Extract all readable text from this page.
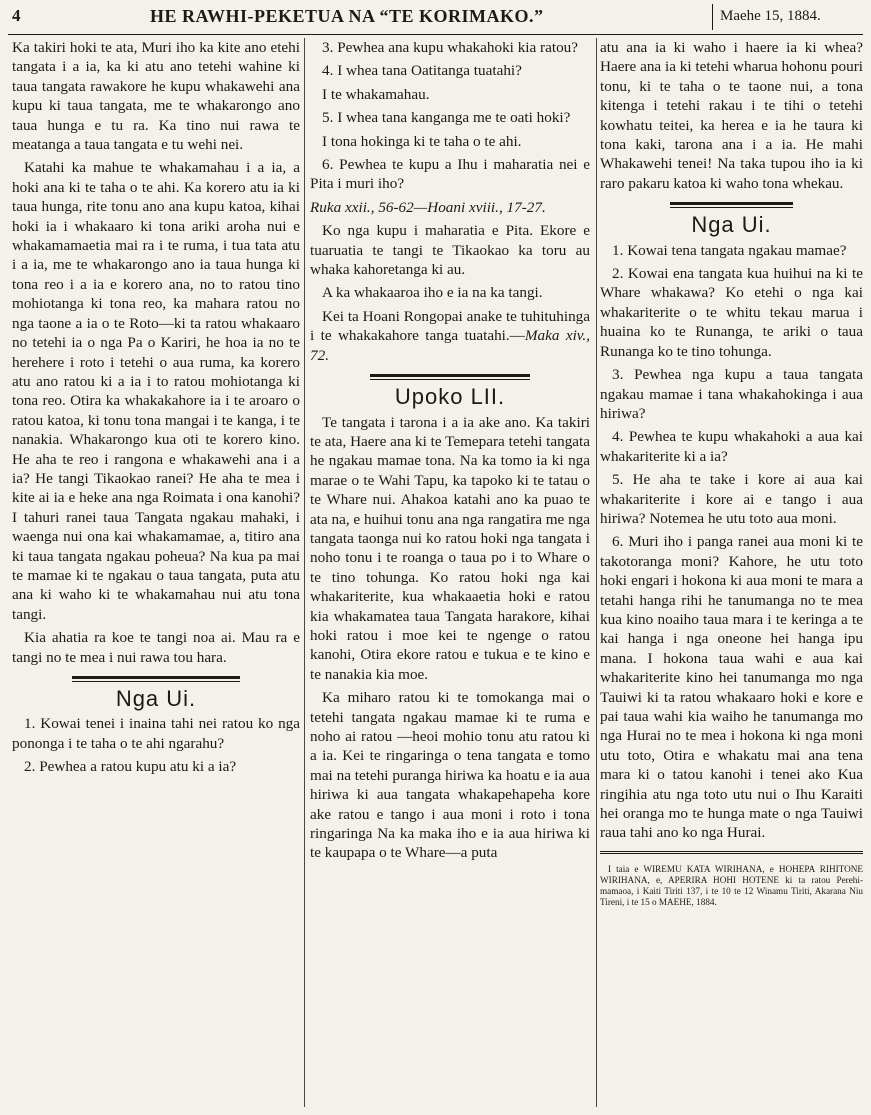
4	HE RAWHI-PEKETUA NA “TE KORIMAKO.”	Maehe 15, 1884.

Ka takiri hoki te ata, Muri iho ka kite ano etehi tangata i a ia, ka ki atu ano tetehi wahine ki taua tangata rawakore he kupu whakawehi ana kupu ki taua tangata, me te whakarongo ano taua hunga e tu ra. Ka tino nui rawa te meatanga a taua tangata e tu wehi nei.

Katahi ka mahue te whakamahau i a ia, a hoki ana ki te taha o te ahi. Ka korero atu ia ki taua hunga, rite tonu ano ana kupu katoa, kihai hoki ia i whakaaro ki tona ariki aroha nui e whakamamaetia mai ra i te ruma, i tua tata atu i a ia, me te whakarongo ano ia taua hunga ki tona reo i a ia e korero ana, no to ratou tino mohiotanga ki tona reo, ka mahara ratou no nga taone a ia o te Roto—ki ta ratou whakaaro no tetehi ia o nga Pa o Kariri, he hoa ia no te herehere i roto i tetehi o aua ruma, ka korero atu ano ratou ki a ia i to ratou mohiotanga ki tona reo. Otira ka whakakahore ia i te aroaro o ratou katoa, ki tonu tona mangai i te kanga, i te nanakia. Whakarongo kua oti te korero kino. He aha te reo i rangona e whakawehi ana i a ia? He tangi Tikaokao ranei? He aha te mea i kite ai ia e heke ana nga Roimata i ona kanohi? I tahuri ranei taua Tangata ngakau mahaki, i waenga nui ona kai whakamamae, a, titiro ana ki taua tangata ngakau poheua? Na kua pa mai te mamae ki te ngakau o taua tangata, puta atu ana ki waho ki te whakamahau nui atu tona tangi.

Kia ahatia ra koe te tangi noa ai. Mau ra e tangi no te mea i nui rawa tou hara.

Nga Ui.

1. Kowai tenei i inaina tahi nei ratou ko nga pononga i te taha o te ahi ngarahu?

2. Pewhea a ratou kupu atu ki a ia?

3. Pewhea ana kupu whakahoki kia ratou?

4. I whea tana Oatitanga tuatahi?

I te whakamahau.

5. I whea tana kanganga me te oati hoki?

I tona hokinga ki te taha o te ahi.

6. Pewhea te kupu a Ihu i maharatia nei e Pita i muri iho?

Ruka xxii., 56-62—Hoani xviii., 17-27.

Ko nga kupu i maharatia e Pita. Ekore e tuaruatia te tangi te Tikaokao ka toru au whaka kahoretanga ki au.

A ka whakaaroa iho e ia na ka tangi.

Kei ta Hoani Rongopai anake te tuhituhinga i te whakakahore tanga tuatahi.—Maka xiv., 72.

Upoko LII.

Te tangata i tarona i a ia ake ano. Ka takiri te ata, Haere ana ki te Temepara tetehi tangata he ngakau mamae tona. Na ka tomo ia ki nga marae o te Wahi Tapu, ka tapoko ki te tatau o te Whare nui. Ahakoa katahi ano ka puao te ata na, e huihui tonu ana nga rangatira me nga tangata taonga nui ko ratou hoki nga tangata i noho tonu i te roanga o taua po i to Whare o te tino tohunga. Ko ratou hoki nga kai whakariterite, kua whakaaetia hoki e ratou kia whakamatea taua Tangata harakore, kihai hoki ratou i moe kei te ngenge o ratou kanohi, Otira ekore ratou e tukua e te kino e te nanakia kia moe.

Ka miharo ratou ki te tomokanga mai o tetehi tangata ngakau mamae ki te ruma e noho ai ratou —heoi mohio tonu atu ratou ki a ia. Kei te ringaringa o tena tangata e tomo mai na tetehi puranga hiriwa ka hoatu e ia aua hiriwa ki aua tangata whakapehapeha kore ake ratou e tango i aua moni i roto i tona ringaringa Na ka maka iho e ia aua hiriwa ki te kaupapa o te Whare—a puta

atu ana ia ki waho i haere ia ki whea? Haere ana ia ki tetehi wharua hohonu pouri tonu, ki te taha o te taone nui, a tona kitenga i tetehi rakau i te tihi o tetehi kowhatu teitei, ka herea e ia he taura ki tona kaki, tarona ana i a ia. He mahi Whakawehi tenei! Na taka tupou iho ia ki raro pakaru katoa ki waho tona whekau.

Nga Ui.

1. Kowai tena tangata ngakau mamae?

2. Kowai ena tangata kua huihui na ki te Whare whakawa? Ko etehi o nga kai whakariterite o te whitu tekau marua i huaina ko te Runanga, te ariki o taua Runanga ko te tino tohunga.

3. Pewhea nga kupu a taua tangata ngakau mamae i tana whakahokinga i aua hiriwa?

4. Pewhea te kupu whakahoki a aua kai whakariterite ki a ia?

5. He aha te take i kore ai aua kai whakariterite i kore ai e tango i aua hiriwa? Notemea he utu toto aua moni.

6. Muri iho i panga ranei aua moni ki te takotoranga moni? Kahore, he utu toto hoki engari i hokona ki aua moni te mara a tetahi hanga rihi he tanumanga no te mea kua kino noaiho taua mara i te keringa a te kai hanga i nga oneone hei hanga ipu mana. I hokona taua wahi e aua kai whakariterite kino hei tanumanga mo nga Tauiwi ki ta ratou whakaaro hoki e kore e pai taua wahi kia waiho he tanumanga mo nga Hurai no te mea i hokona ki nga moni utu toto, Otira e whakatu mai ana tena mara ki o tatou kanohi i tenei ako Kua ringihia atu nga toto utu nui o Ihu Karaiti hei oranga mo te hunga mate o nga Tauiwi raua tahi ano ko nga Hurai.

I taia e WIREMU KATA WIRIHANA, e HOHEPA RIHITONE WIRIHANA, e, APERIRA HOHI HOTENE ki ta ratou Perehi-mamaoa, i Kaiti Tiriti 137, i te 10 te 12 Winamu Tiriti, Akarana Niu Tireni, i te 15 o MAEHE, 1884.
